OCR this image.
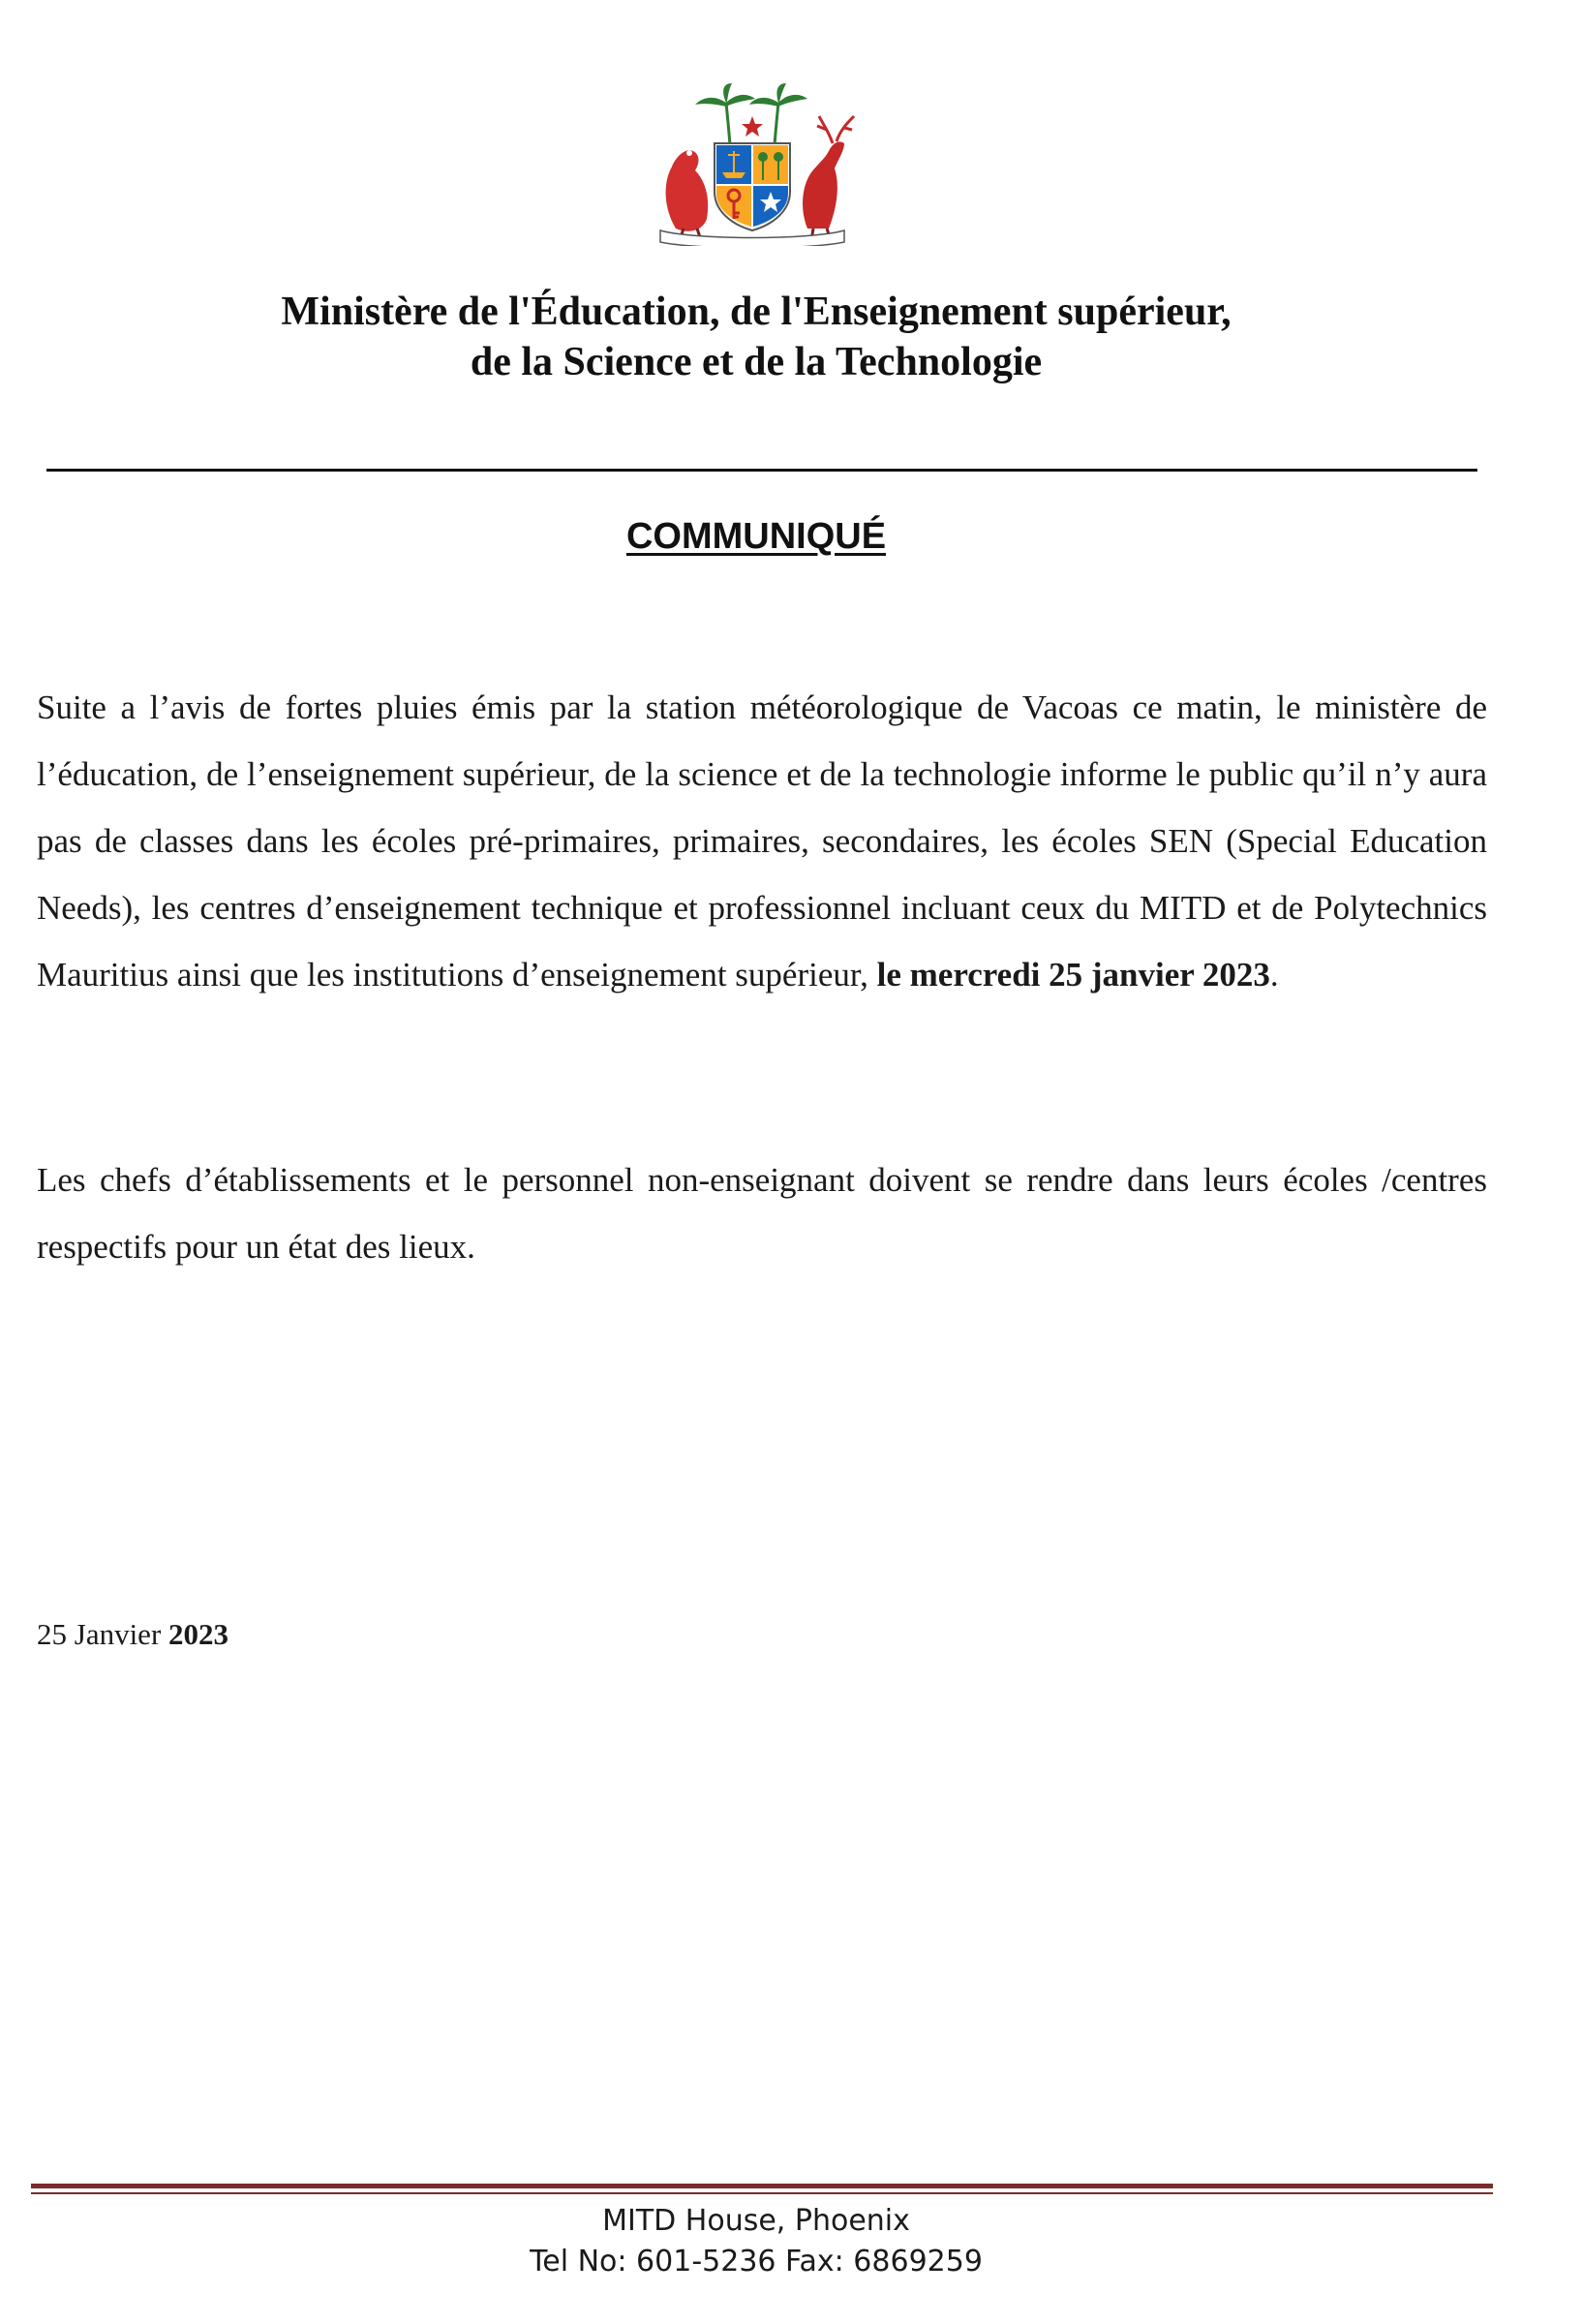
Ministère de l'Éducation, de l'Enseignement supérieur,
de la Science et de la Technologie
COMMUNIQUÉ
Suite a l’avis de fortes pluies émis par la station météorologique de Vacoas ce matin, le ministère de l’éducation, de l’enseignement supérieur, de la science et de la technologie informe le public qu’il n’y aura pas de classes dans les écoles pré-primaires, primaires, secondaires, les écoles SEN (Special Education Needs), les centres d’enseignement technique et professionnel incluant ceux du MITD et de Polytechnics Mauritius ainsi que les institutions d’enseignement supérieur, le mercredi 25 janvier 2023.
Les chefs d’établissements et le personnel non-enseignant doivent se rendre dans leurs écoles /centres respectifs pour un état des lieux.
25 Janvier 2023
MITD House, Phoenix
Tel No: 601-5236 Fax: 6869259
